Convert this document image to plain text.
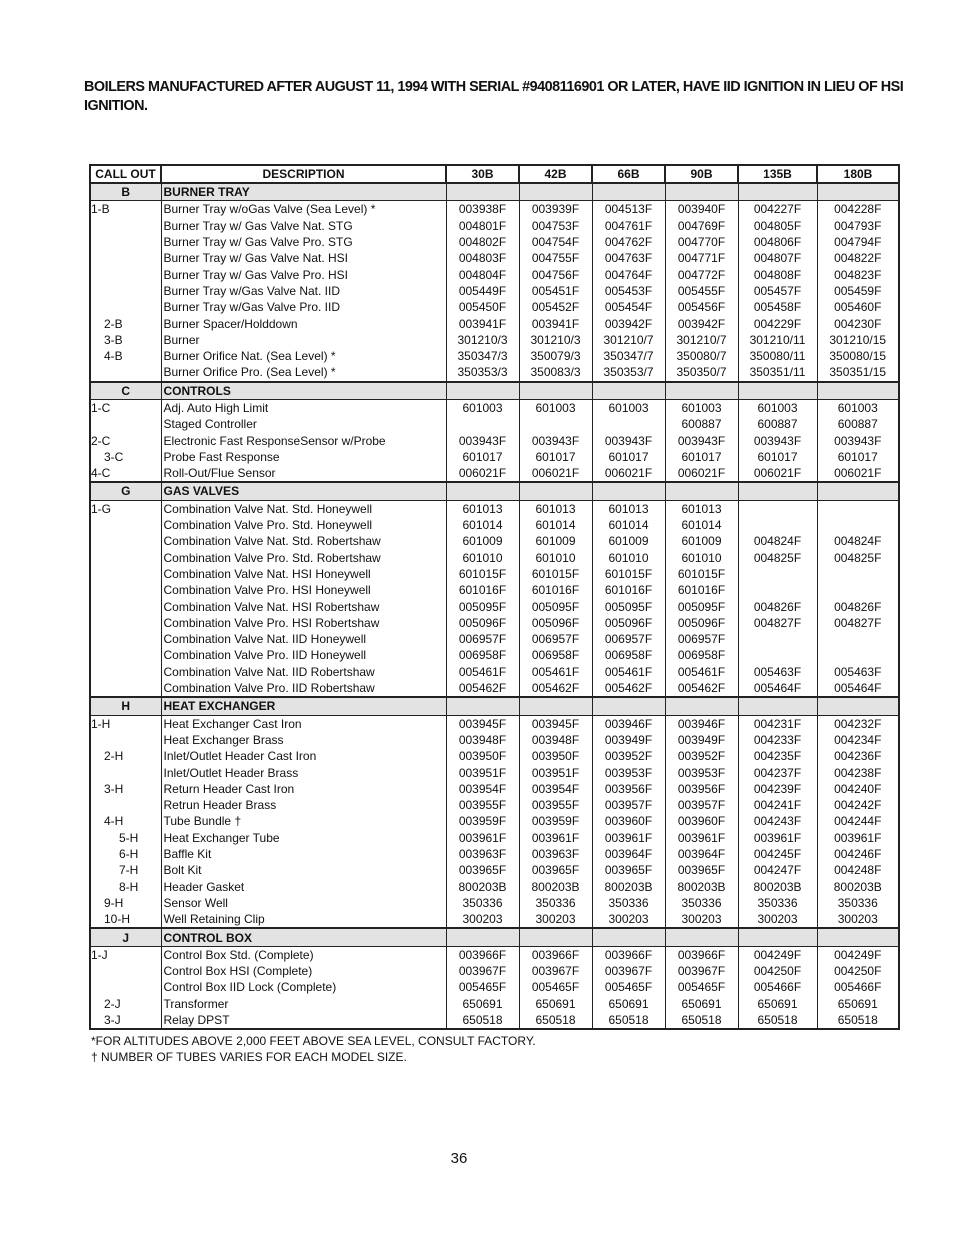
BOILERS MANUFACTURED AFTER AUGUST 11, 1994 WITH SERIAL #9408116901 OR LATER, HAVE IID IGNITION IN LIEU OF HSI IGNITION.
CALL OUT	DESCRIPTION	30B	42B	66B	90B	135B	180B
B	BURNER TRAY						
1-B	Burner Tray w/oGas Valve (Sea Level) *	003938F	003939F	004513F	003940F	004227F	004228F
	Burner Tray w/ Gas Valve Nat. STG	004801F	004753F	004761F	004769F	004805F	004793F
	Burner Tray w/ Gas Valve Pro. STG	004802F	004754F	004762F	004770F	004806F	004794F
	Burner Tray w/ Gas Valve Nat. HSI	004803F	004755F	004763F	004771F	004807F	004822F
	Burner Tray w/ Gas Valve Pro. HSI	004804F	004756F	004764F	004772F	004808F	004823F
	Burner Tray w/Gas Valve Nat. IID	005449F	005451F	005453F	005455F	005457F	005459F
	Burner Tray w/Gas Valve Pro. IID	005450F	005452F	005454F	005456F	005458F	005460F
2-B	Burner Spacer/Holddown	003941F	003941F	003942F	003942F	004229F	004230F
3-B	Burner	301210/3	301210/3	301210/7	301210/7	301210/11	301210/15
4-B	Burner Orifice Nat. (Sea Level) *	350347/3	350079/3	350347/7	350080/7	350080/11	350080/15
	Burner Orifice Pro. (Sea Level) *	350353/3	350083/3	350353/7	350350/7	350351/11	350351/15
C	CONTROLS						
1-C	Adj. Auto High Limit	601003	601003	601003	601003	601003	601003
	Staged Controller				600887	600887	600887
2-C	Electronic Fast ResponseSensor w/Probe	003943F	003943F	003943F	003943F	003943F	003943F
3-C	Probe Fast Response	601017	601017	601017	601017	601017	601017
4-C	Roll-Out/Flue Sensor	006021F	006021F	006021F	006021F	006021F	006021F
G	GAS VALVES						
1-G	Combination Valve Nat. Std. Honeywell	601013	601013	601013	601013		
	Combination Valve Pro. Std. Honeywell	601014	601014	601014	601014		
	Combination Valve Nat. Std. Robertshaw	601009	601009	601009	601009	004824F	004824F
	Combination Valve Pro. Std. Robertshaw	601010	601010	601010	601010	004825F	004825F
	Combination Valve Nat. HSI Honeywell	601015F	601015F	601015F	601015F		
	Combination Valve Pro. HSI Honeywell	601016F	601016F	601016F	601016F		
	Combination Valve Nat. HSI Robertshaw	005095F	005095F	005095F	005095F	004826F	004826F
	Combination Valve Pro. HSI Robertshaw	005096F	005096F	005096F	005096F	004827F	004827F
	Combination Valve Nat. IID Honeywell	006957F	006957F	006957F	006957F		
	Combination Valve Pro. IID Honeywell	006958F	006958F	006958F	006958F		
	Combination Valve Nat. IID Robertshaw	005461F	005461F	005461F	005461F	005463F	005463F
	Combination Valve Pro. IID Robertshaw	005462F	005462F	005462F	005462F	005464F	005464F
H	HEAT EXCHANGER						
1-H	Heat Exchanger Cast Iron	003945F	003945F	003946F	003946F	004231F	004232F
	Heat Exchanger Brass	003948F	003948F	003949F	003949F	004233F	004234F
2-H	Inlet/Outlet Header Cast Iron	003950F	003950F	003952F	003952F	004235F	004236F
	Inlet/Outlet Header Brass	003951F	003951F	003953F	003953F	004237F	004238F
3-H	Return Header Cast Iron	003954F	003954F	003956F	003956F	004239F	004240F
	Retrun Header Brass	003955F	003955F	003957F	003957F	004241F	004242F
4-H	Tube Bundle †	003959F	003959F	003960F	003960F	004243F	004244F
5-H	Heat Exchanger Tube	003961F	003961F	003961F	003961F	003961F	003961F
6-H	Baffle Kit	003963F	003963F	003964F	003964F	004245F	004246F
7-H	Bolt Kit	003965F	003965F	003965F	003965F	004247F	004248F
8-H	Header Gasket	800203B	800203B	800203B	800203B	800203B	800203B
9-H	Sensor Well	350336	350336	350336	350336	350336	350336
10-H	Well Retaining Clip	300203	300203	300203	300203	300203	300203
J	CONTROL BOX						
1-J	Control Box Std. (Complete)	003966F	003966F	003966F	003966F	004249F	004249F
	Control Box HSI (Complete)	003967F	003967F	003967F	003967F	004250F	004250F
	Control Box IID Lock (Complete)	005465F	005465F	005465F	005465F	005466F	005466F
2-J	Transformer	650691	650691	650691	650691	650691	650691
3-J	Relay DPST	650518	650518	650518	650518	650518	650518
*FOR ALTITUDES ABOVE 2,000 FEET ABOVE SEA LEVEL, CONSULT FACTORY.
† NUMBER OF TUBES VARIES FOR EACH MODEL SIZE.
36
